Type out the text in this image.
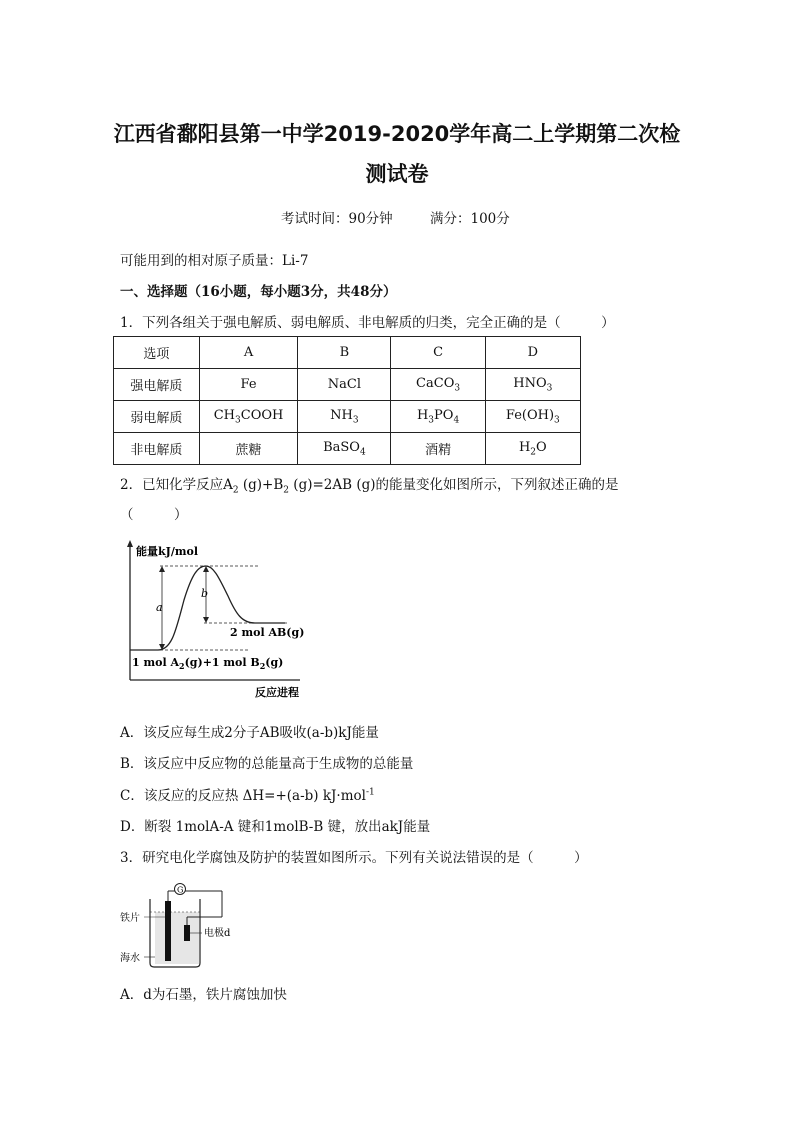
江西省鄱阳县第一中学2019-2020学年高二上学期第二次检
测试卷
考试时间：90分钟	满分：100分
可能用到的相对原子质量：Li-7
一、选择题（16小题，每小题3分，共48分）
1．下列各组关于强电解质、弱电解质、非电解质的归类，完全正确的是（　　　）
选项	A	B	C	D
强电解质	Fe	NaCl	CaCO$_3$	$HNO_3$
弱电解质	$CH_3COOH$	$NH_3$	$H_3PO_4$	$Fe(OH)_3$
非电解质	蔗糖	BaSO$_4$	酒精	$H_2O$
2．已知化学反应$A_2$ $(g)+B_2$ (g)=2AB (g)的能量变化如图所示，下列叙述正确的是
（　　　）
能量kJ/mol
反应进程
a
b
2 mol AB(g)
1 mol $A_2(g)+1$ mol $B_2(g)$
A．该反应每生成2分子AB吸收(a-b)kJ能量
B．该反应中反应物的总能量高于生成物的总能量
C．该反应的反应热 ΔH=+(a-b) kJ·mol$^{-1}$
D．断裂 1molA-A 键和1molB-B 键，放出akJ能量
3．研究电化学腐蚀及防护的装置如图所示。下列有关说法错误的是（　　　）
G
铁片
电极d
海水
A．d为石墨，铁片腐蚀加快
